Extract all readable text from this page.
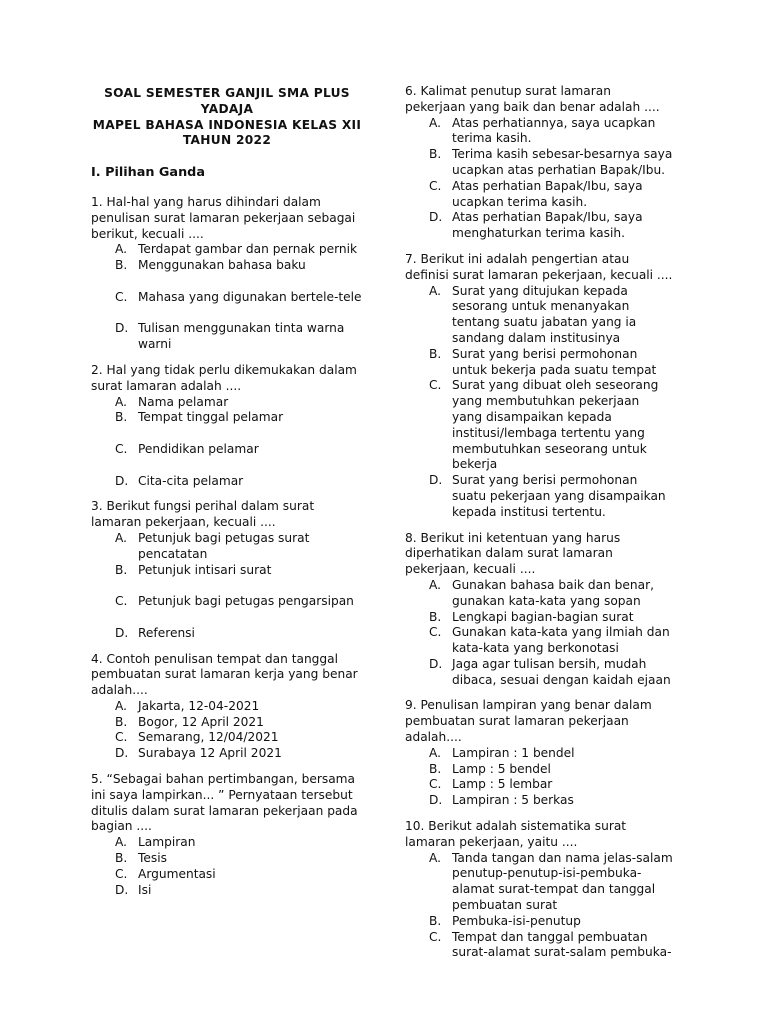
SOAL SEMESTER GANJIL SMA PLUS
YADAJA
MAPEL BAHASA INDONESIA KELAS XII
TAHUN 2022
I. Pilihan Ganda
1. Hal-hal yang harus dihindari dalam penulisan surat lamaran pekerjaan sebagai berikut, kecuali ....
A. Terdapat gambar dan pernak pernik
B. Menggunakan bahasa baku
C. Mahasa yang digunakan bertele-tele
D. Tulisan menggunakan tinta warna warni
2. Hal yang tidak perlu dikemukakan dalam surat lamaran adalah ....
A. Nama pelamar
B. Tempat tinggal pelamar
C. Pendidikan pelamar
D. Cita-cita pelamar
3. Berikut fungsi perihal dalam surat lamaran pekerjaan, kecuali ....
A. Petunjuk bagi petugas surat pencatatan
B. Petunjuk intisari surat
C. Petunjuk bagi petugas pengarsipan
D. Referensi
4. Contoh penulisan tempat dan tanggal pembuatan surat lamaran kerja yang benar adalah....
A. Jakarta, 12-04-2021
B. Bogor, 12 April 2021
C. Semarang, 12/04/2021
D. Surabaya 12 April 2021
5. “Sebagai bahan pertimbangan, bersama ini saya lampirkan... ” Pernyataan tersebut ditulis dalam surat lamaran pekerjaan pada bagian ....
A. Lampiran
B. Tesis
C. Argumentasi
D. Isi
6. Kalimat penutup surat lamaran pekerjaan yang baik dan benar adalah ....
A. Atas perhatiannya, saya ucapkan terima kasih.
B. Terima kasih sebesar-besarnya saya ucapkan atas perhatian Bapak/Ibu.
C. Atas perhatian Bapak/Ibu, saya ucapkan terima kasih.
D. Atas perhatian Bapak/Ibu, saya menghaturkan terima kasih.
7. Berikut ini adalah pengertian atau definisi surat lamaran pekerjaan, kecuali ....
A. Surat yang ditujukan kepada sesorang untuk menanyakan tentang suatu jabatan yang ia sandang dalam institusinya
B. Surat yang berisi permohonan untuk bekerja pada suatu tempat
C. Surat yang dibuat oleh seseorang yang membutuhkan pekerjaan yang disampaikan kepada institusi/lembaga tertentu yang membutuhkan seseorang untuk bekerja
D. Surat yang berisi permohonan suatu pekerjaan yang disampaikan kepada institusi tertentu.
8. Berikut ini ketentuan yang harus diperhatikan dalam surat lamaran pekerjaan, kecuali ....
A. Gunakan bahasa baik dan benar, gunakan kata-kata yang sopan
B. Lengkapi bagian-bagian surat
C. Gunakan kata-kata yang ilmiah dan kata-kata yang berkonotasi
D. Jaga agar tulisan bersih, mudah dibaca, sesuai dengan kaidah ejaan
9. Penulisan lampiran yang benar dalam pembuatan surat lamaran pekerjaan adalah....
A. Lampiran : 1 bendel
B. Lamp : 5 bendel
C. Lamp : 5 lembar
D. Lampiran : 5 berkas
10. Berikut adalah sistematika surat lamaran pekerjaan, yaitu ....
A. Tanda tangan dan nama jelas-salam penutup-penutup-isi-pembuka-alamat surat-tempat dan tanggal pembuatan surat
B. Pembuka-isi-penutup
C. Tempat dan tanggal pembuatan surat-alamat surat-salam pembuka-
